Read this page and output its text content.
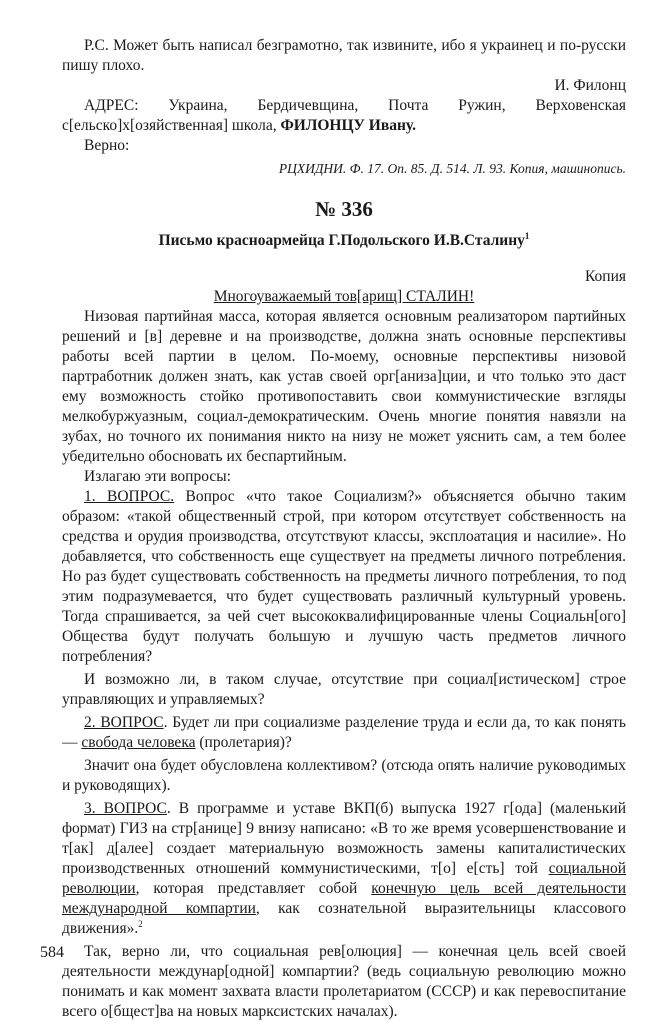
Р.С. Может быть написал безграмотно, так извините, ибо я украинец и по-русски пишу плохо.

И. Филонц

АДРЕС: Украина, Бердичевщина, Почта Ружин, Верховенская с[ельско]х[озяйственная] школа, ФИЛОНЦУ Ивану.

Верно:

РЦХИДНИ. Ф. 17. Оп. 85. Д. 514. Л. 93. Копия, машинопись.

№ 336
Письмо красноармейца Г.Подольского И.В.Сталину$^1$

Копия

Многоуважаемый тов[арищ] СТАЛИН!

Низовая партийная масса, которая является основным реализатором партийных решений и [в] деревне и на производстве, должна знать основные перспективы работы всей партии в целом. По-моему, основные перспективы низовой партработник должен знать, как устав своей орг[аниза]ции, и что только это даст ему возможность стойко противопоставить свои коммунистические взгляды мелкобуржуазным, социал-демократическим. Очень многие понятия навязли на зубах, но точного их понимания никто на низу не может уяснить сам, а тем более убедительно обосновать их беспартийным.

Излагаю эти вопросы:

1. ВОПРОС. Вопрос «что такое Социализм?» объясняется обычно таким образом: «такой общественный строй, при котором отсутствует собственность на средства и орудия производства, отсутствуют классы, эксплоатация и насилие». Но добавляется, что собственность еще существует на предметы личного потребления. Но раз будет существовать собственность на предметы личного потребления, то под этим подразумевается, что будет существовать различный культурный уровень. Тогда спрашивается, за чей счет высококвалифицированные члены Социальн[ого] Общества будут получать большую и лучшую часть предметов личного потребления?

И возможно ли, в таком случае, отсутствие при социал[истическом] строе управляющих и управляемых?

2. ВОПРОС. Будет ли при социализме разделение труда и если да, то как понять — свобода человека (пролетария)?

Значит она будет обусловлена коллективом? (отсюда опять наличие руководимых и руководящих).

3. ВОПРОС. В программе и уставе ВКП(б) выпуска 1927 г[ода] (маленький формат) ГИЗ на стр[анице] 9 внизу написано: «В то же время усовершенствование и т[ак] д[алее] создает материальную возможность замены капиталистических производственных отношений коммунистическими, т[о] е[сть] той социальной революции, которая представляет собой конечную цель всей деятельности международной компартии, как сознательной выразительницы классового движения».$^2$

Так, верно ли, что социальная рев[олюция] — конечная цель всей своей деятельности междунар[одной] компартии? (ведь социальную революцию можно понимать и как момент захвата власти пролетариатом (СССР) и как перевоспитание всего о[бщест]ва на новых марксистских началах).

584
